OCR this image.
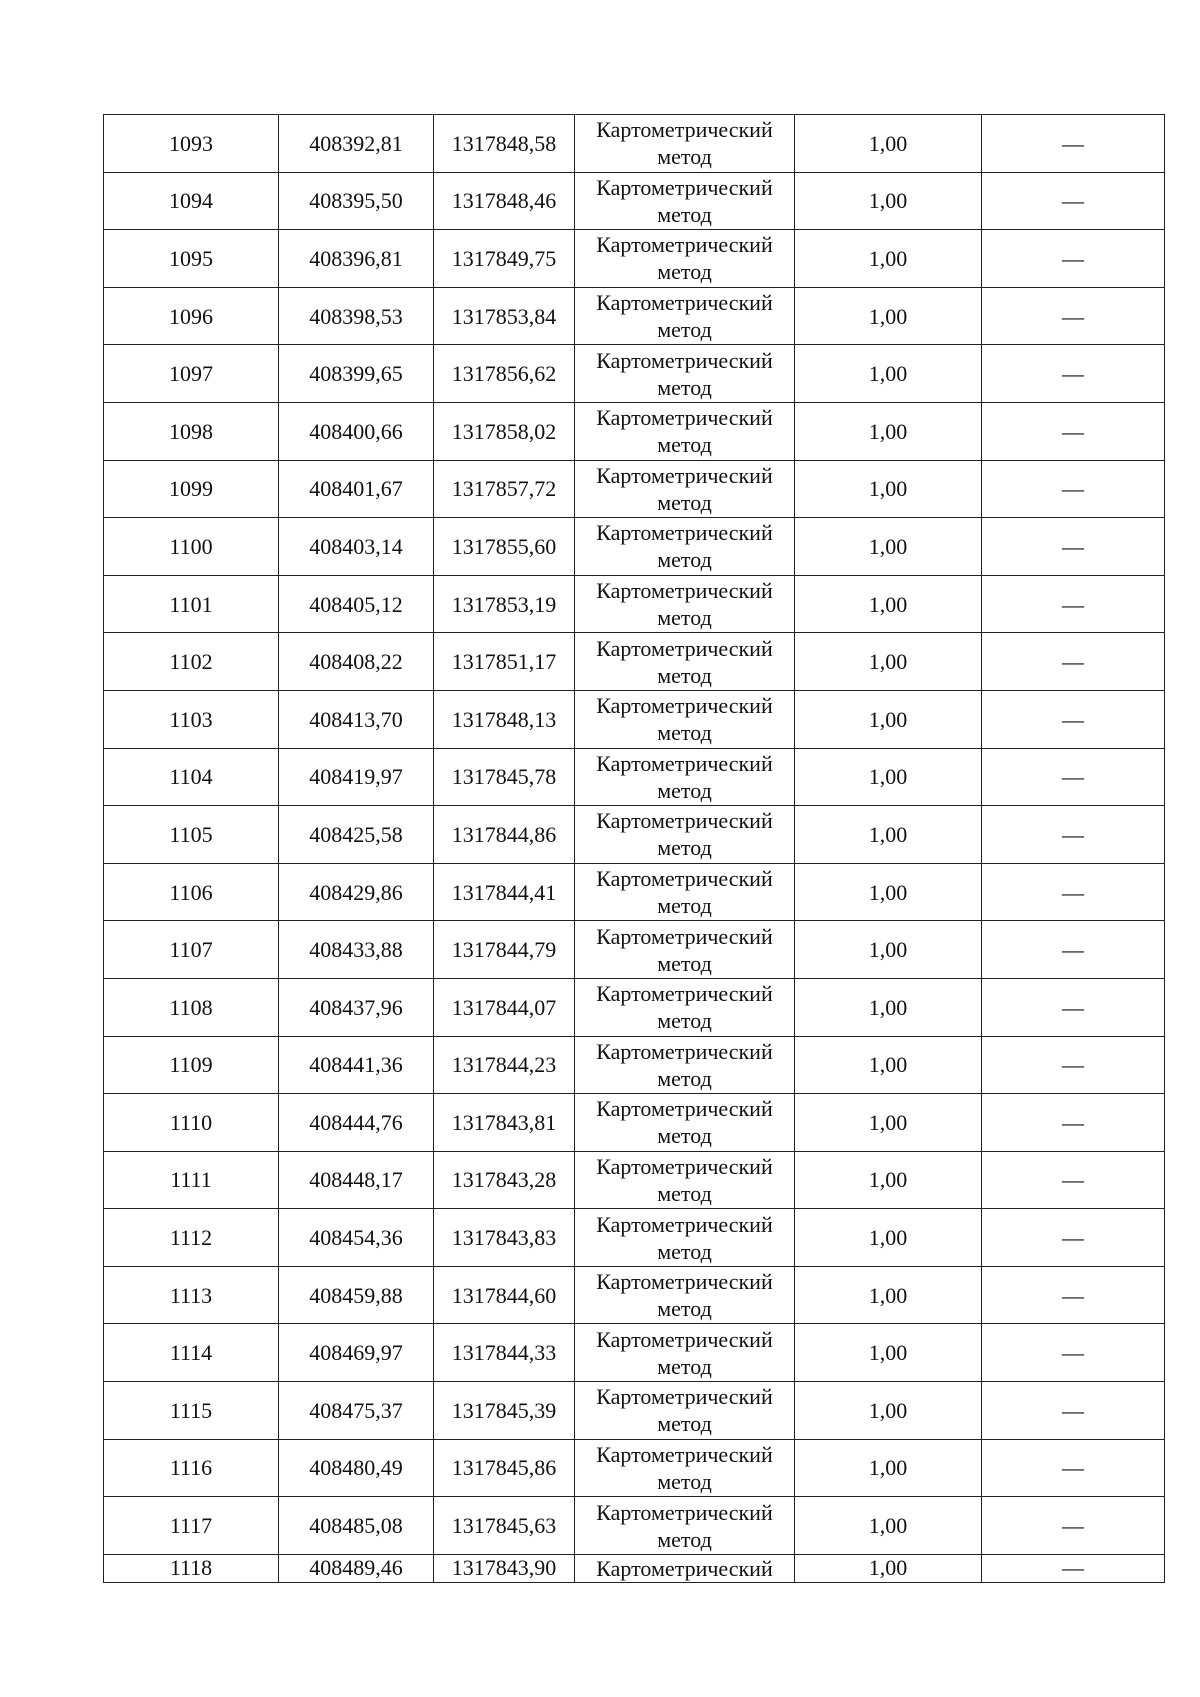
1093	408392,81	1317848,58	Картометрический метод	1,00	—
1094	408395,50	1317848,46	Картометрический метод	1,00	—
1095	408396,81	1317849,75	Картометрический метод	1,00	—
1096	408398,53	1317853,84	Картометрический метод	1,00	—
1097	408399,65	1317856,62	Картометрический метод	1,00	—
1098	408400,66	1317858,02	Картометрический метод	1,00	—
1099	408401,67	1317857,72	Картометрический метод	1,00	—
1100	408403,14	1317855,60	Картометрический метод	1,00	—
1101	408405,12	1317853,19	Картометрический метод	1,00	—
1102	408408,22	1317851,17	Картометрический метод	1,00	—
1103	408413,70	1317848,13	Картометрический метод	1,00	—
1104	408419,97	1317845,78	Картометрический метод	1,00	—
1105	408425,58	1317844,86	Картометрический метод	1,00	—
1106	408429,86	1317844,41	Картометрический метод	1,00	—
1107	408433,88	1317844,79	Картометрический метод	1,00	—
1108	408437,96	1317844,07	Картометрический метод	1,00	—
1109	408441,36	1317844,23	Картометрический метод	1,00	—
1110	408444,76	1317843,81	Картометрический метод	1,00	—
1111	408448,17	1317843,28	Картометрический метод	1,00	—
1112	408454,36	1317843,83	Картометрический метод	1,00	—
1113	408459,88	1317844,60	Картометрический метод	1,00	—
1114	408469,97	1317844,33	Картометрический метод	1,00	—
1115	408475,37	1317845,39	Картометрический метод	1,00	—
1116	408480,49	1317845,86	Картометрический метод	1,00	—
1117	408485,08	1317845,63	Картометрический метод	1,00	—
1118	408489,46	1317843,90	Картометрический	1,00	—
